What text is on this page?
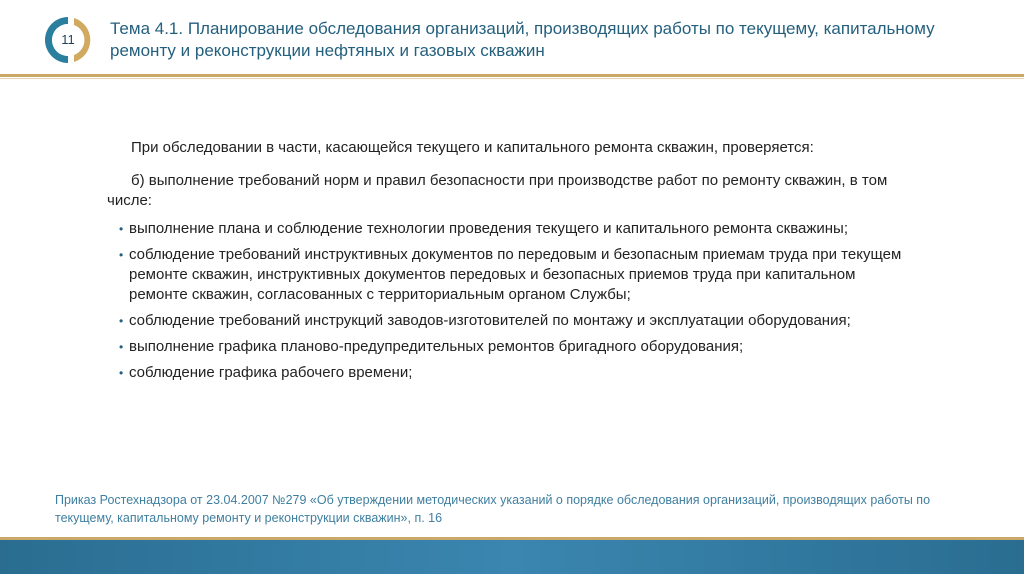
11
Тема 4.1. Планирование обследования организаций, производящих работы по текущему, капитальному ремонту и реконструкции нефтяных и газовых скважин

При обследовании в части, касающейся текущего и капитального ремонта скважин, проверяется:

б) выполнение требований норм и правил безопасности при производстве работ по ремонту скважин, в том числе:

• выполнение плана и соблюдение технологии проведения текущего и капитального ремонта скважины;
• соблюдение требований инструктивных документов по передовым и безопасным приемам труда при текущем ремонте скважин, инструктивных документов передовых и безопасных приемов труда при капитальном ремонте скважин, согласованных с территориальным органом Службы;
• соблюдение требований инструкций заводов-изготовителей по монтажу и эксплуатации оборудования;
• выполнение графика планово-предупредительных ремонтов бригадного оборудования;
• соблюдение графика рабочего времени;
Приказ Ростехнадзора от 23.04.2007 №279 «Об утверждении методических указаний о порядке обследования организаций, производящих работы по текущему, капитальному ремонту и реконструкции скважин», п. 16
